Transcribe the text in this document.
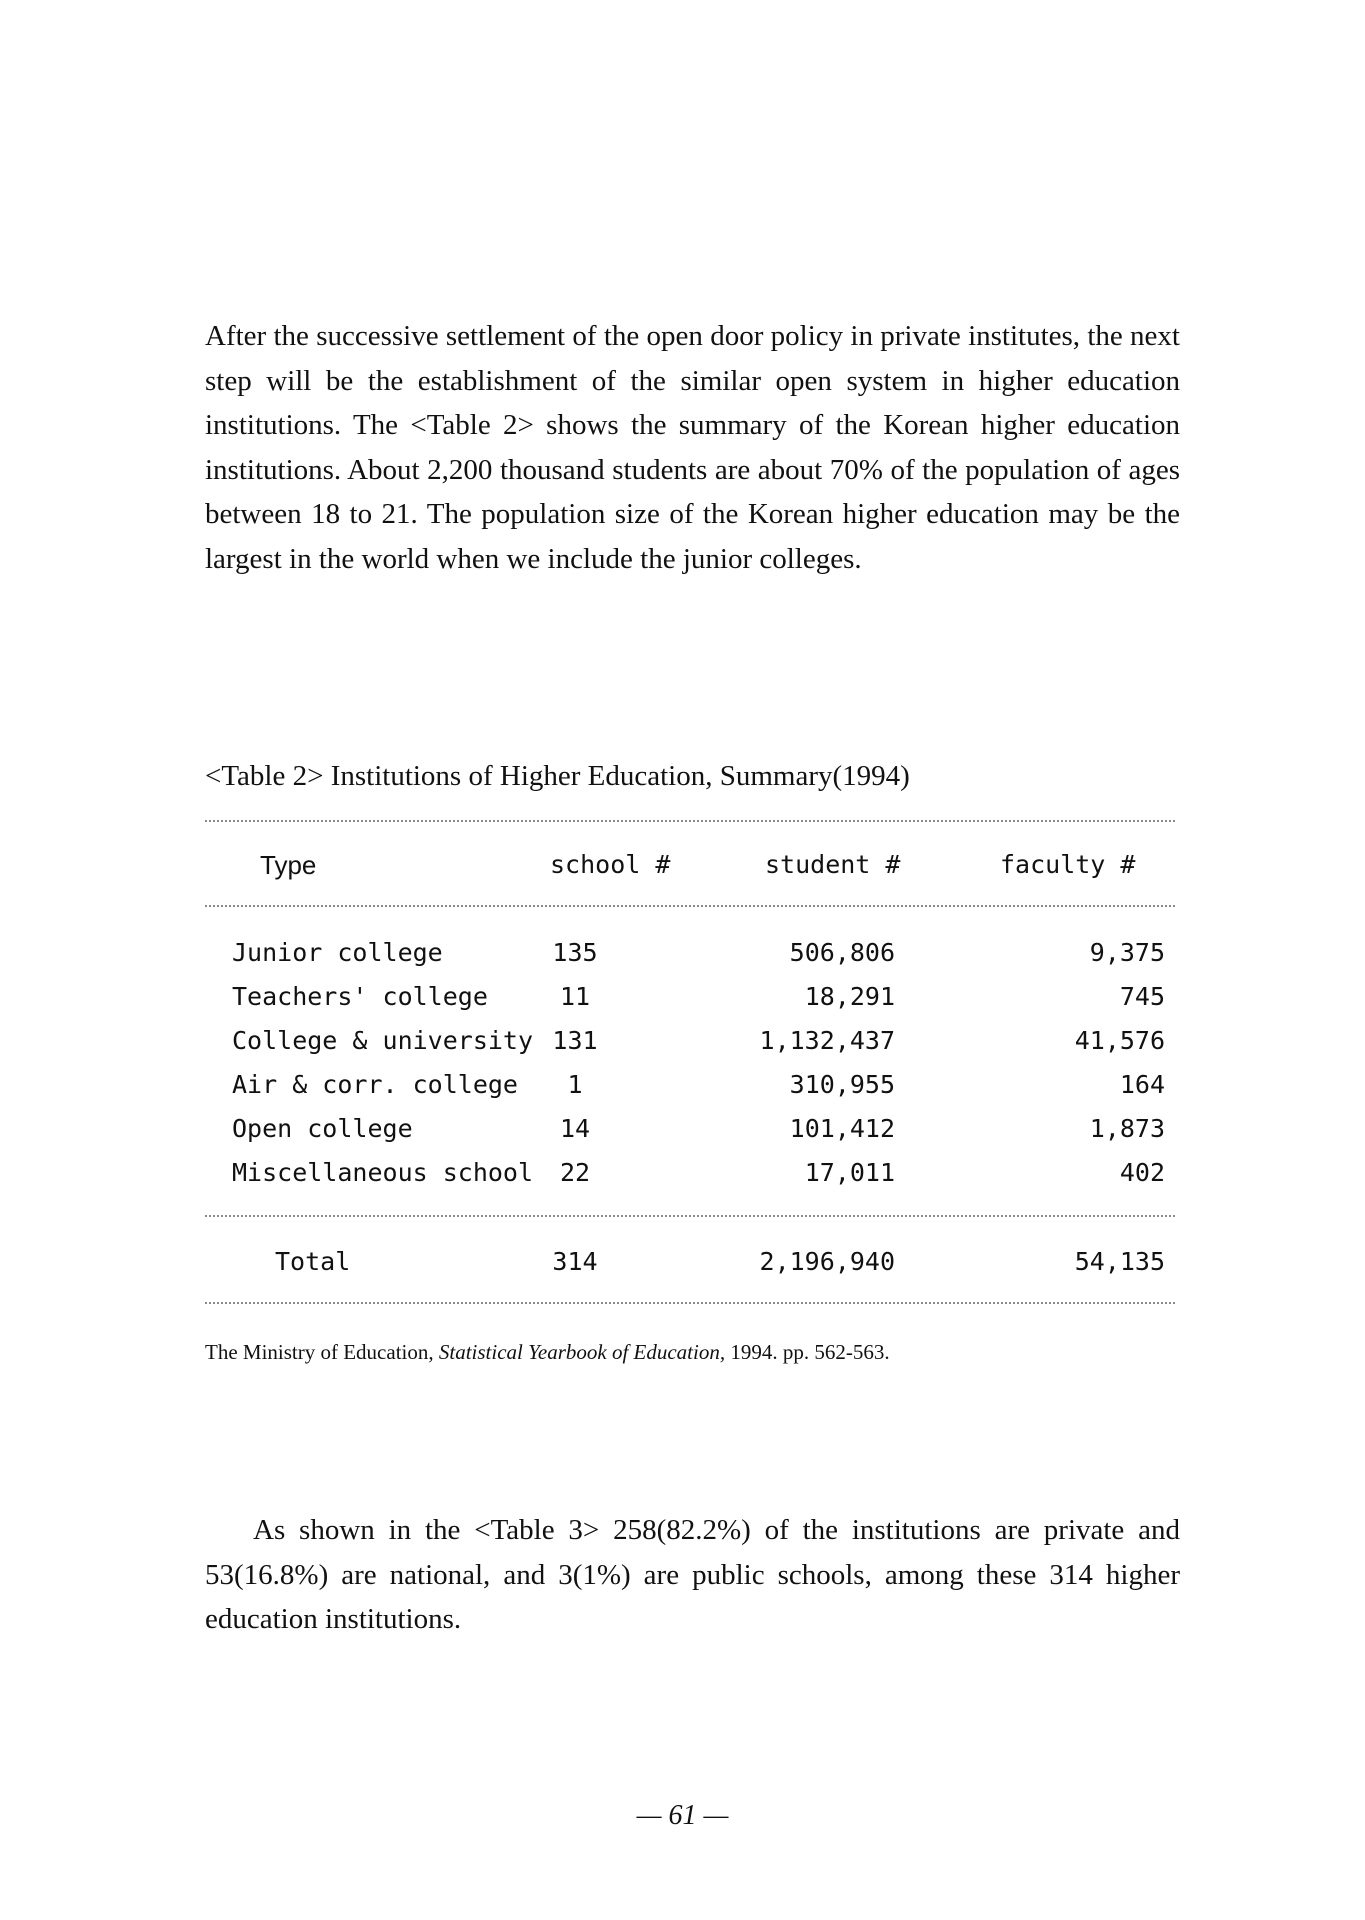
After the successive settlement of the open door policy in private institutes, the next step will be the establishment of the similar open system in higher education institutions. The <Table 2> shows the summary of the Korean higher education institutions. About 2,200 thousand students are about 70% of the population of ages between 18 to 21. The population size of the Korean higher education may be the largest in the world when we include the junior colleges.

<Table 2> Institutions of Higher Education, Summary(1994)

Type	school #	student #	faculty #
Junior college	135	506,806	9,375
Teachers' college	11	18,291	745
College & university 131	1,132,437	41,576
Air & corr. college	1	310,955	164
Open college	14	101,412	1,873
Miscellaneous school	22	17,011	402
Total	314	2,196,940	54,135

The Ministry of Education, Statistical Yearbook of Education, 1994. pp. 562-563.

As shown in the <Table 3> 258(82.2%) of the institutions are private and 53(16.8%) are national, and 3(1%) are public schools, among these 314 higher education institutions.

— 61 —
